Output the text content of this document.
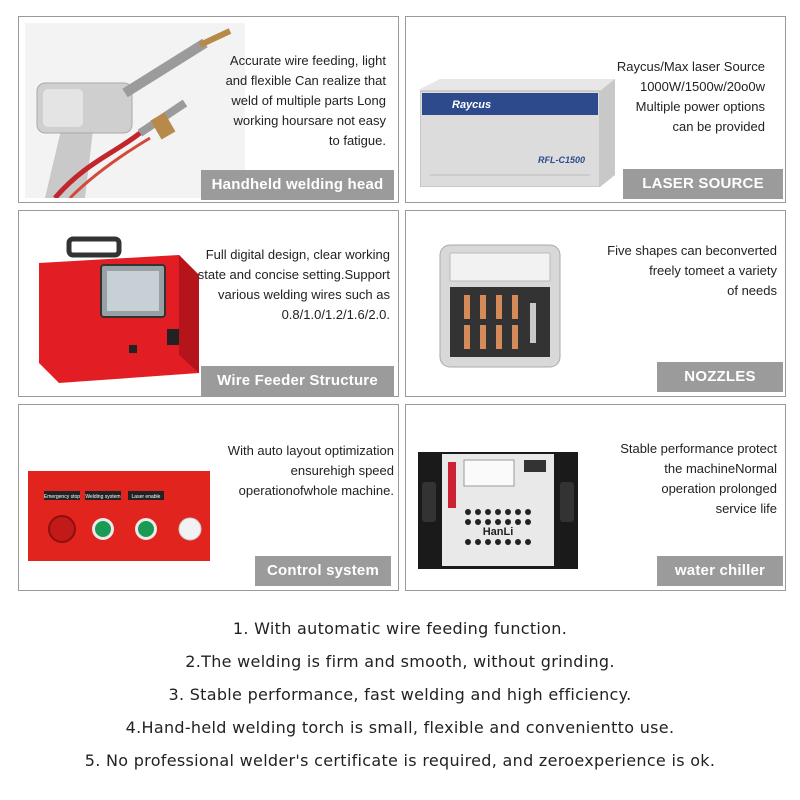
Accurate wire feeding, light
and flexible Can realize that
weld of multiple parts Long
working hoursare not easy
to fatigue.
Handheld welding head
Raycus
RFL-C1500
Raycus/Max laser Source
1000W/1500w/20o0w
Multiple power options
can be provided
LASER SOURCE
Full digital design, clear working
state and concise setting.Support
various welding wires such as
0.8/1.0/1.2/1.6/2.0.
Wire Feeder Structure
Five shapes can beconverted
freely tomeet a variety
of needs
NOZZLES
Emergency stop Welding system Laser enable
With auto layout optimization
ensurehigh speed
operationofwhole machine.
Control system
HanLi
Stable performance protect
the machineNormal
operation prolonged
service life
water chiller
1. With automatic wire feeding function.
2.The welding is firm and smooth, without grinding.
3. Stable performance, fast welding and high efficiency.
4.Hand-held welding torch is small, flexible and convenientto use.
5. No professional welder's certificate is required, and zeroexperience is ok.
